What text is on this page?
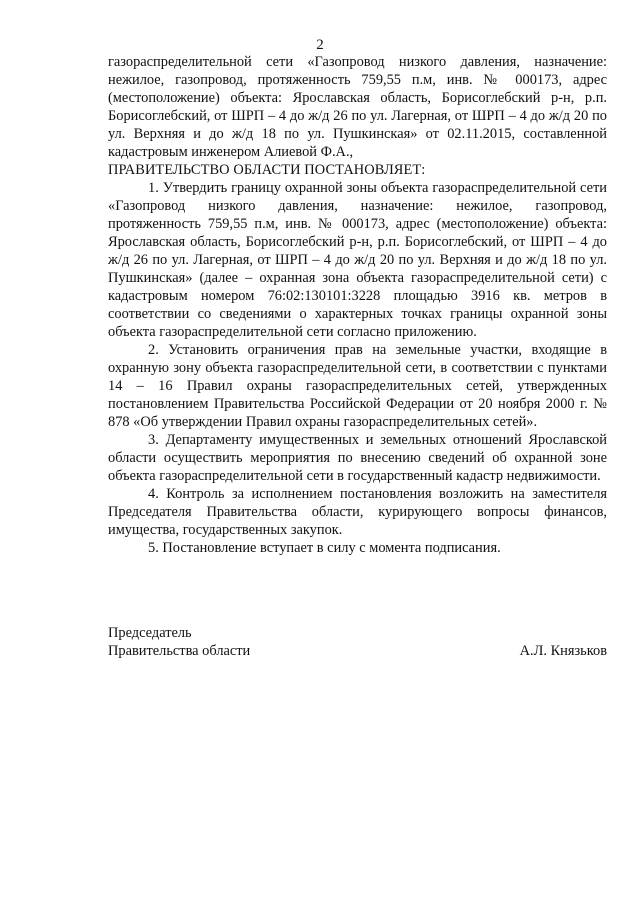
2

газораспределительной сети «Газопровод низкого давления, назначение: нежилое, газопровод, протяженность 759,55 п.м, инв. № 000173, адрес (местоположение) объекта: Ярославская область, Борисоглебский р-н, р.п. Борисоглебский, от ШРП – 4 до ж/д 26 по ул. Лагерная, от ШРП – 4 до ж/д 20 по ул. Верхняя и до ж/д 18 по ул. Пушкинская» от 02.11.2015, составленной кадастровым инженером Алиевой Ф.А.,

ПРАВИТЕЛЬСТВО ОБЛАСТИ ПОСТАНОВЛЯЕТ:

1. Утвердить границу охранной зоны объекта газораспределительной сети «Газопровод низкого давления, назначение: нежилое, газопровод, протяженность 759,55 п.м, инв. № 000173, адрес (местоположение) объекта: Ярославская область, Борисоглебский р-н, р.п. Борисоглебский, от ШРП – 4 до ж/д 26 по ул. Лагерная, от ШРП – 4 до ж/д 20 по ул. Верхняя и до ж/д 18 по ул. Пушкинская» (далее – охранная зона объекта газораспределительной сети) с кадастровым номером 76:02:130101:3228 площадью 3916 кв. метров в соответствии со сведениями о характерных точках границы охранной зоны объекта газораспределительной сети согласно приложению.

2. Установить ограничения прав на земельные участки, входящие в охранную зону объекта газораспределительной сети, в соответствии с пунктами 14 – 16 Правил охраны газораспределительных сетей, утвержденных постановлением Правительства Российской Федерации от 20 ноября 2000 г. № 878 «Об утверждении Правил охраны газораспределительных сетей».

3. Департаменту имущественных и земельных отношений Ярославской области осуществить мероприятия по внесению сведений об охранной зоне объекта газораспределительной сети в государственный кадастр недвижимости.

4. Контроль за исполнением постановления возложить на заместителя Председателя Правительства области, курирующего вопросы финансов, имущества, государственных закупок.

5. Постановление вступает в силу с момента подписания.

Председатель
Правительства области	А.Л. Князьков
